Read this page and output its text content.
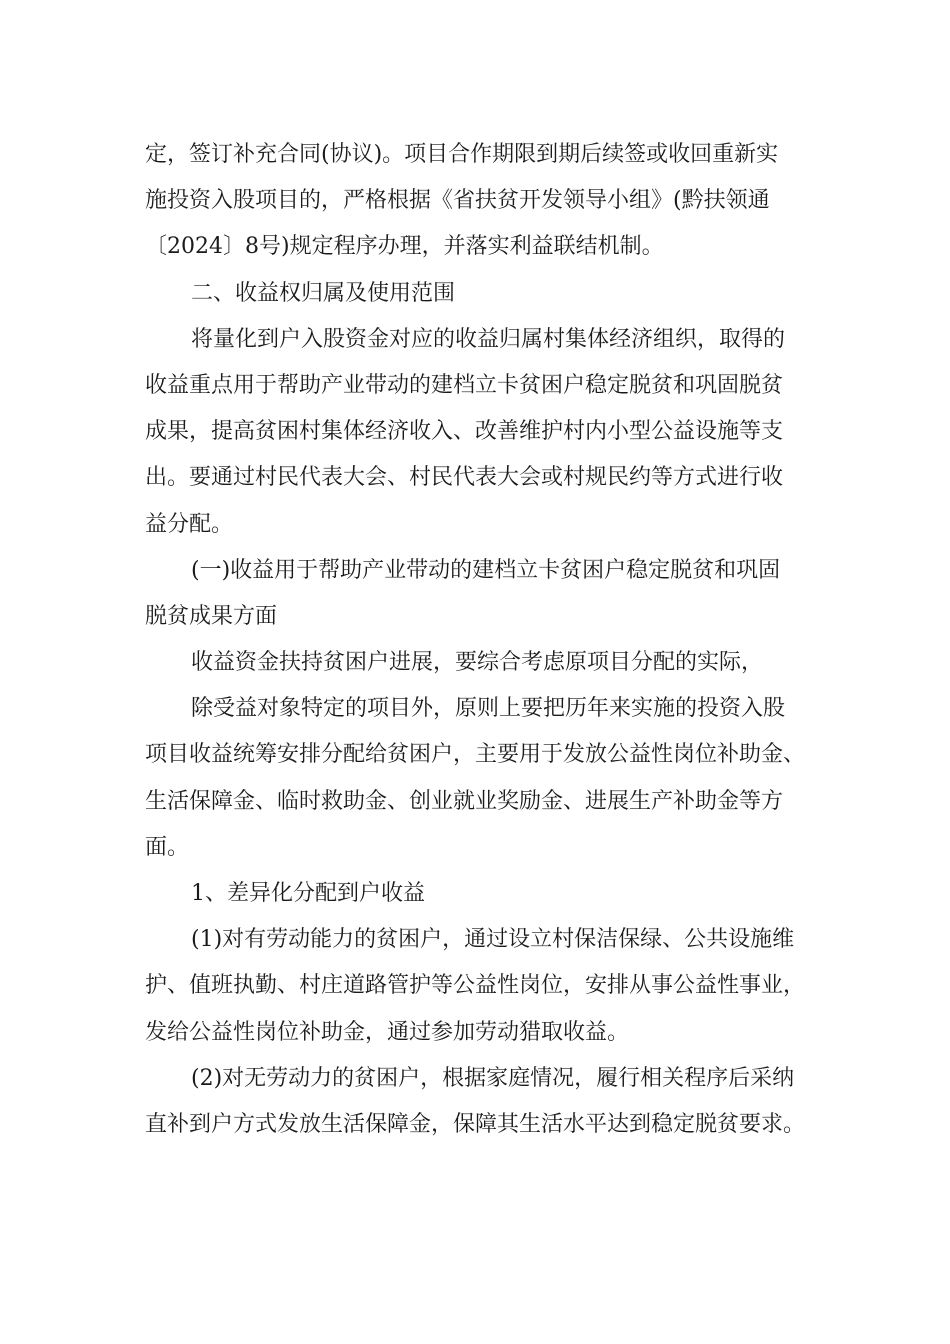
定，签订补充合同(协议)。项目合作期限到期后续签或收回重新实
施投资入股项目的，严格根据《省扶贫开发领导小组》(黔扶领通
〔2024〕8号)规定程序办理，并落实利益联结机制。
二、收益权归属及使用范围
将量化到户入股资金对应的收益归属村集体经济组织，取得的
收益重点用于帮助产业带动的建档立卡贫困户稳定脱贫和巩固脱贫
成果，提高贫困村集体经济收入、改善维护村内小型公益设施等支
出。要通过村民代表大会、村民代表大会或村规民约等方式进行收
益分配。
(一)收益用于帮助产业带动的建档立卡贫困户稳定脱贫和巩固
脱贫成果方面
收益资金扶持贫困户进展，要综合考虑原项目分配的实际，
除受益对象特定的项目外，原则上要把历年来实施的投资入股
项目收益统筹安排分配给贫困户，主要用于发放公益性岗位补助金、
生活保障金、临时救助金、创业就业奖励金、进展生产补助金等方
面。
1、差异化分配到户收益
(1)对有劳动能力的贫困户，通过设立村保洁保绿、公共设施维
护、值班执勤、村庄道路管护等公益性岗位，安排从事公益性事业，
发给公益性岗位补助金，通过参加劳动猎取收益。
(2)对无劳动力的贫困户，根据家庭情况，履行相关程序后采纳
直补到户方式发放生活保障金，保障其生活水平达到稳定脱贫要求。
